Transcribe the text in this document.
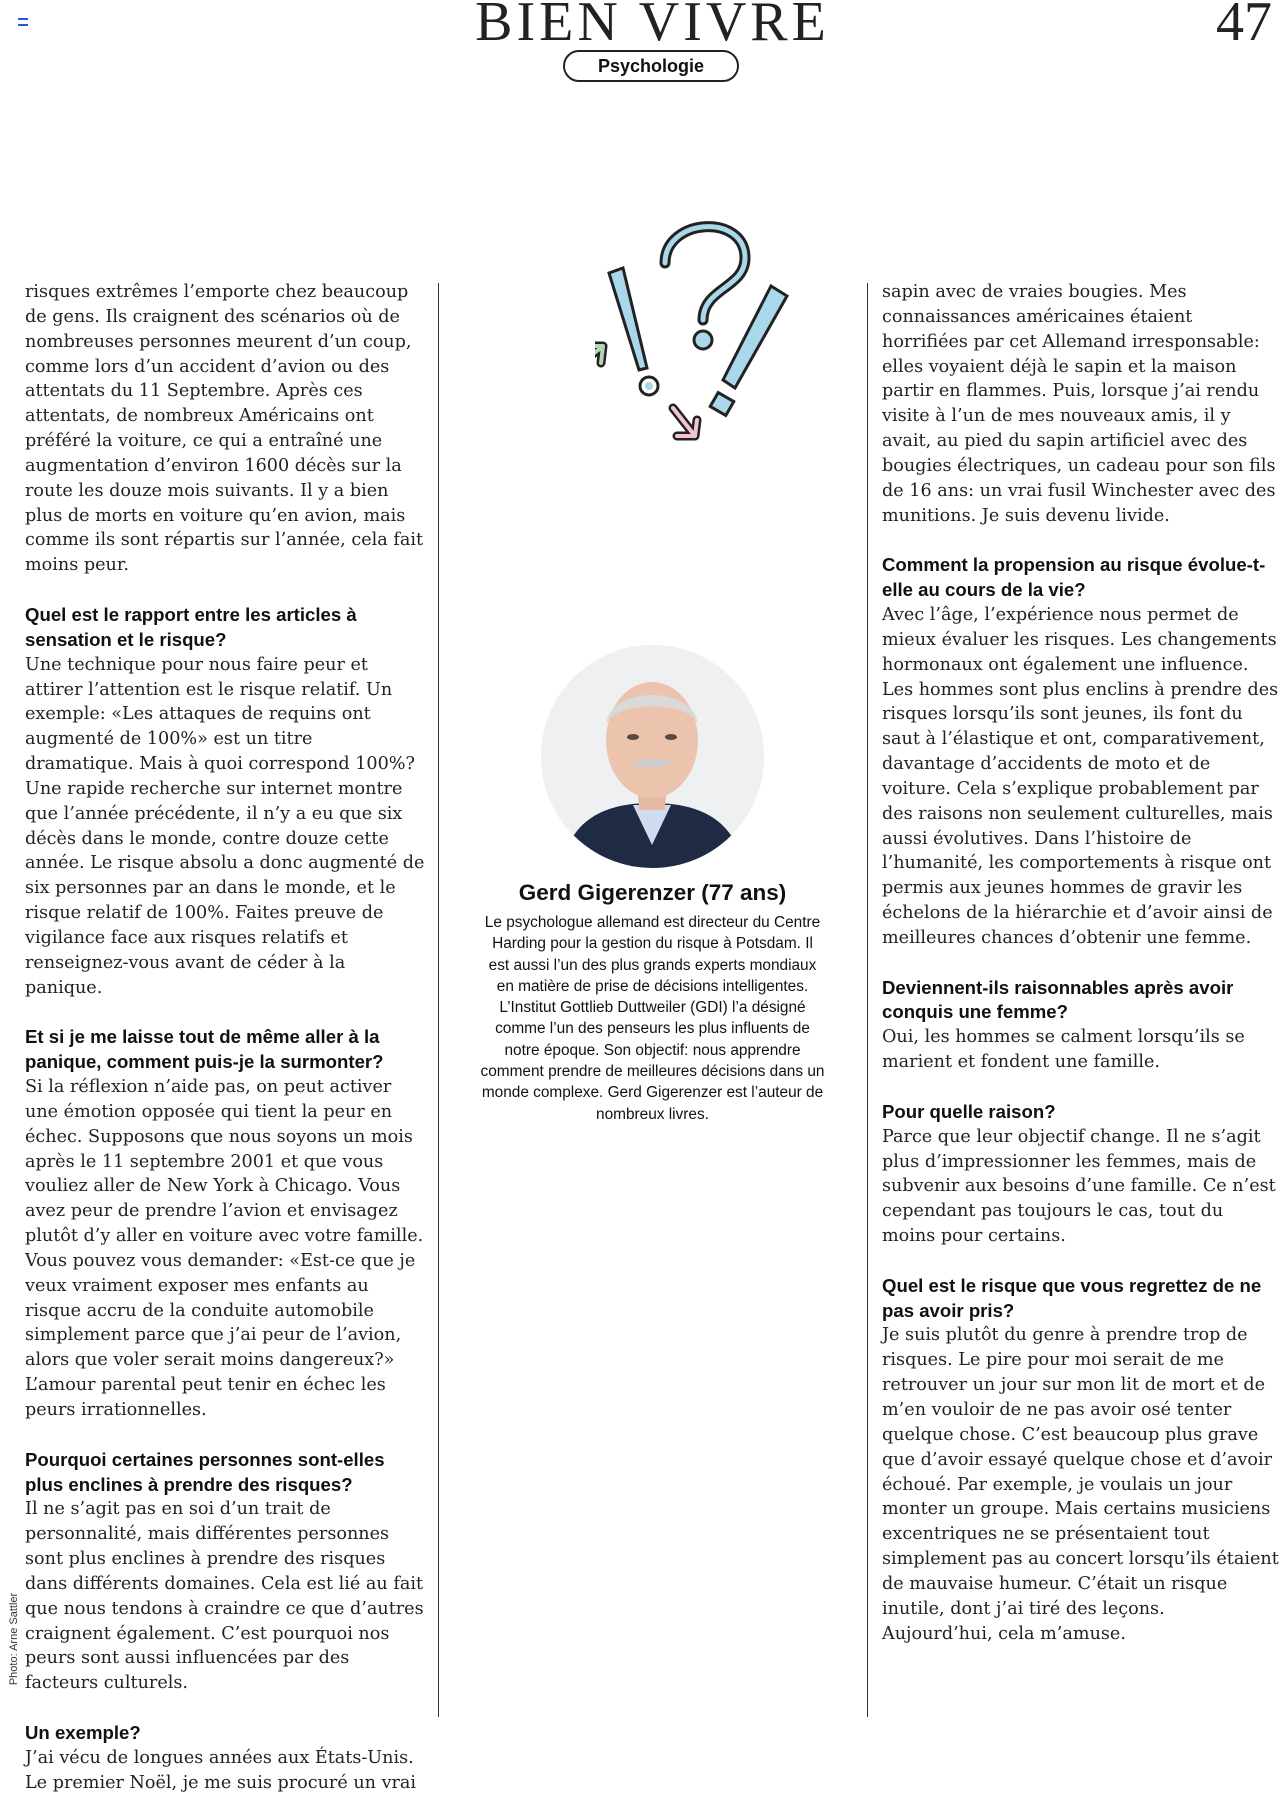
BIEN VIVRE	47
Psychologie

risques extrêmes l’emporte chez beaucoup de gens. Ils craignent des scénarios où de nombreuses personnes meurent d’un coup, comme lors d’un accident d’avion ou des attentats du 11 Septembre. Après ces attentats, de nombreux Américains ont préféré la voiture, ce qui a entraîné une augmentation d’environ 1600 décès sur la route les douze mois suivants. Il y a bien plus de morts en voiture qu’en avion, mais comme ils sont répartis sur l’année, cela fait moins peur.

Quel est le rapport entre les articles à sensation et le risque?

Une technique pour nous faire peur et attirer l’attention est le risque relatif. Un exemple: «Les attaques de requins ont augmenté de 100%» est un titre dramatique. Mais à quoi correspond 100%? Une rapide recherche sur internet montre que l’année précédente, il n’y a eu que six décès dans le monde, contre douze cette année. Le risque absolu a donc augmenté de six personnes par an dans le monde, et le risque relatif de 100%. Faites preuve de vigilance face aux risques relatifs et renseignez-vous avant de céder à la panique.

Et si je me laisse tout de même aller à la panique, comment puis-je la surmonter?

Si la réflexion n’aide pas, on peut activer une émotion opposée qui tient la peur en échec. Supposons que nous soyons un mois après le 11 septembre 2001 et que vous vouliez aller de New York à Chicago. Vous avez peur de prendre l’avion et envisagez plutôt d’y aller en voiture avec votre famille. Vous pouvez vous demander: «Est-ce que je veux vraiment exposer mes enfants au risque accru de la conduite automobile simplement parce que j’ai peur de l’avion, alors que voler serait moins dangereux?» L’amour parental peut tenir en échec les peurs irrationnelles.

Pourquoi certaines personnes sont-elles plus enclines à prendre des risques?

Il ne s’agit pas en soi d’un trait de personnalité, mais différentes personnes sont plus enclines à prendre des risques dans différents domaines. Cela est lié au fait que nous tendons à craindre ce que d’autres craignent également. C’est pourquoi nos peurs sont aussi influencées par des facteurs culturels.

Un exemple?

J’ai vécu de longues années aux États-Unis. Le premier Noël, je me suis procuré un vrai

Gerd Gigerenzer (77 ans)
Le psychologue allemand est directeur du Centre Harding pour la gestion du risque à Potsdam. Il est aussi l’un des plus grands experts mondiaux en matière de prise de décisions intelligentes. L’Institut Gottlieb Duttweiler (GDI) l’a désigné comme l’un des penseurs les plus influents de notre époque. Son objectif: nous apprendre comment prendre de meilleures décisions dans un monde complexe. Gerd Gigerenzer est l’auteur de nombreux livres.

sapin avec de vraies bougies. Mes connaissances américaines étaient horrifiées par cet Allemand irresponsable: elles voyaient déjà le sapin et la maison partir en flammes. Puis, lorsque j’ai rendu visite à l’un de mes nouveaux amis, il y avait, au pied du sapin artificiel avec des bougies électriques, un cadeau pour son fils de 16 ans: un vrai fusil Winchester avec des munitions. Je suis devenu livide.

Comment la propension au risque évolue-t-elle au cours de la vie?

Avec l’âge, l’expérience nous permet de mieux évaluer les risques. Les changements hormonaux ont également une influence. Les hommes sont plus enclins à prendre des risques lorsqu’ils sont jeunes, ils font du saut à l’élastique et ont, comparativement, davantage d’accidents de moto et de voiture. Cela s’explique probablement par des raisons non seulement culturelles, mais aussi évolutives. Dans l’histoire de l’humanité, les comportements à risque ont permis aux jeunes hommes de gravir les échelons de la hiérarchie et d’avoir ainsi de meilleures chances d’obtenir une femme.

Deviennent-ils raisonnables après avoir conquis une femme?

Oui, les hommes se calment lorsqu’ils se marient et fondent une famille.

Pour quelle raison?

Parce que leur objectif change. Il ne s’agit plus d’impressionner les femmes, mais de subvenir aux besoins d’une famille. Ce n’est cependant pas toujours le cas, tout du moins pour certains.

Quel est le risque que vous regrettez de ne pas avoir pris?

Je suis plutôt du genre à prendre trop de risques. Le pire pour moi serait de me retrouver un jour sur mon lit de mort et de m’en vouloir de ne pas avoir osé tenter quelque chose. C’est beaucoup plus grave que d’avoir essayé quelque chose et d’avoir échoué. Par exemple, je voulais un jour monter un groupe. Mais certains musiciens excentriques ne se présentaient tout simplement pas au concert lorsqu’ils étaient de mauvaise humeur. C’était un risque inutile, dont j’ai tiré des leçons. Aujourd’hui, cela m’amuse.

Photo: Arne Sattler
